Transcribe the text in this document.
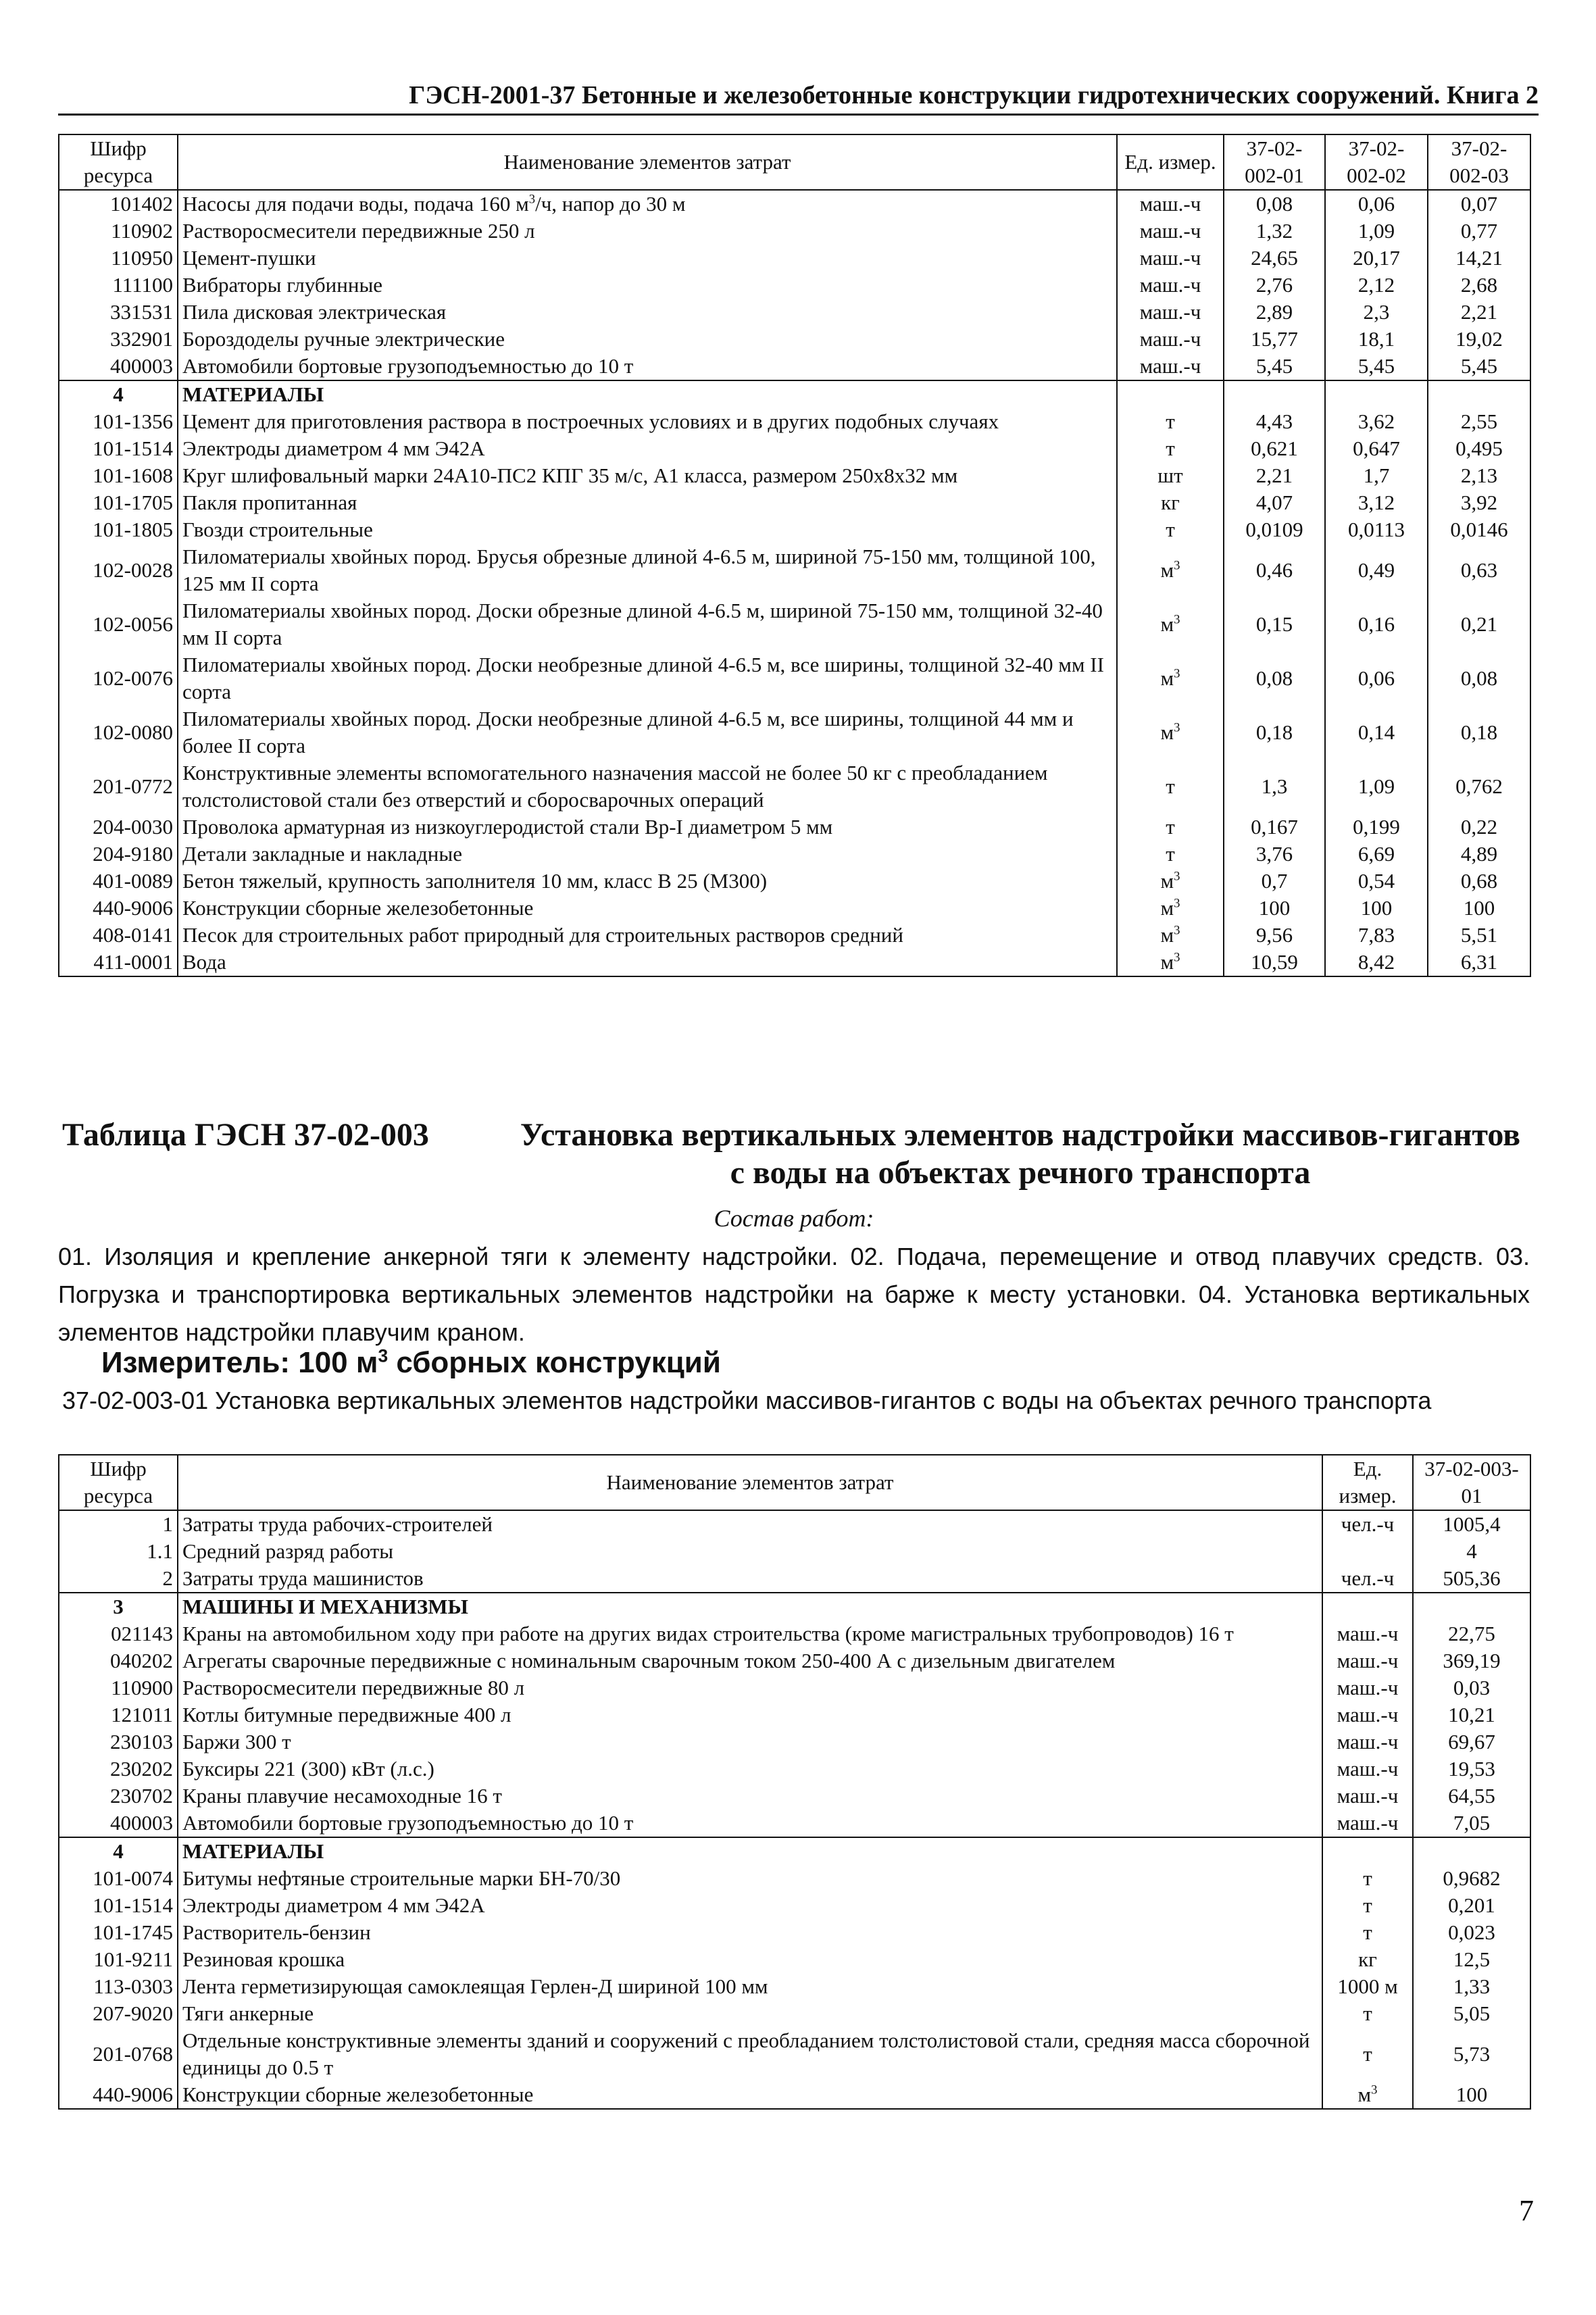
ГЭСН-2001-37 Бетонные и железобетонные конструкции гидротехнических сооружений. Книга 2
Шифр ресурса	Наименование элементов затрат	Ед. измер.	37-02-002-01	37-02-002-02	37-02-002-03
101402	Насосы для подачи воды, подача 160 $м^3/ч$, напор до 30 м	маш.-ч	0,08	0,06	0,07
110902	Растворосмесители передвижные 250 л	маш.-ч	1,32	1,09	0,77
110950	Цемент-пушки	маш.-ч	24,65	20,17	14,21
111100	Вибраторы глубинные	маш.-ч	2,76	2,12	2,68
331531	Пила дисковая электрическая	маш.-ч	2,89	2,3	2,21
332901	Бороздоделы ручные электрические	маш.-ч	15,77	18,1	19,02
400003	Автомобили бортовые грузоподъемностью до 10 т	маш.-ч	5,45	5,45	5,45
4	МАТЕРИАЛЫ				
101-1356	Цемент для приготовления раствора в построечных условиях и в других подобных случаях	т	4,43	3,62	2,55
101-1514	Электроды диаметром 4 мм Э42А	т	0,621	0,647	0,495
101-1608	Круг шлифовальный марки 24А10-ПС2 КПГ 35 м/с, А1 класса, размером 250х8х32 мм	шт	2,21	1,7	2,13
101-1705	Пакля пропитанная	кг	4,07	3,12	3,92
101-1805	Гвозди строительные	т	0,0109	0,0113	0,0146
102-0028	Пиломатериалы хвойных пород. Брусья обрезные длиной 4-6.5 м, шириной 75-150 мм, толщиной 100, 125 мм II сорта	$м^3$	0,46	0,49	0,63
102-0056	Пиломатериалы хвойных пород. Доски обрезные длиной 4-6.5 м, шириной 75-150 мм, толщиной 32-40 мм II сорта	$м^3$	0,15	0,16	0,21
102-0076	Пиломатериалы хвойных пород. Доски необрезные длиной 4-6.5 м, все ширины, толщиной 32-40 мм II сорта	$м^3$	0,08	0,06	0,08
102-0080	Пиломатериалы хвойных пород. Доски необрезные длиной 4-6.5 м, все ширины, толщиной 44 мм и более II сорта	$м^3$	0,18	0,14	0,18
201-0772	Конструктивные элементы вспомогательного назначения массой не более 50 кг с преобладанием толстолистовой стали без отверстий и сборосварочных операций	т	1,3	1,09	0,762
204-0030	Проволока арматурная из низкоуглеродистой стали Вр-I диаметром 5 мм	т	0,167	0,199	0,22
204-9180	Детали закладные и накладные	т	3,76	6,69	4,89
401-0089	Бетон тяжелый, крупность заполнителя 10 мм, класс В 25 (М300)	$м^3$	0,7	0,54	0,68
440-9006	Конструкции сборные железобетонные	$м^3$	100	100	100
408-0141	Песок для строительных работ природный для строительных растворов средний	$м^3$	9,56	7,83	5,51
411-0001	Вода	$м^3$	10,59	8,42	6,31
Таблица ГЭСН 37-02-003	Установка вертикальных элементов надстройки массивов-гигантов с воды на объектах речного транспорта
Состав работ:
01. Изоляция и крепление анкерной тяги к элементу надстройки. 02. Подача, перемещение и отвод плавучих средств. 03. Погрузка и транспортировка вертикальных элементов надстройки на барже к месту установки. 04. Установка вертикальных элементов надстройки плавучим краном.
Измеритель: 100 $м^3$ сборных конструкций
37-02-003-01 Установка вертикальных элементов надстройки массивов-гигантов с воды на объектах речного транспорта
Шифр ресурса	Наименование элементов затрат	Ед. измер.	37-02-003-01
1	Затраты труда рабочих-строителей	чел.-ч	1005,4
1.1	Средний разряд работы		4
2	Затраты труда машинистов	чел.-ч	505,36
3	МАШИНЫ И МЕХАНИЗМЫ		
021143	Краны на автомобильном ходу при работе на других видах строительства (кроме магистральных трубопроводов) 16 т	маш.-ч	22,75
040202	Агрегаты сварочные передвижные с номинальным сварочным током 250-400 А с дизельным двигателем	маш.-ч	369,19
110900	Растворосмесители передвижные 80 л	маш.-ч	0,03
121011	Котлы битумные передвижные 400 л	маш.-ч	10,21
230103	Баржи 300 т	маш.-ч	69,67
230202	Буксиры 221 (300) кВт (л.с.)	маш.-ч	19,53
230702	Краны плавучие несамоходные 16 т	маш.-ч	64,55
400003	Автомобили бортовые грузоподъемностью до 10 т	маш.-ч	7,05
4	МАТЕРИАЛЫ		
101-0074	Битумы нефтяные строительные марки БН-70/30	т	0,9682
101-1514	Электроды диаметром 4 мм Э42А	т	0,201
101-1745	Растворитель-бензин	т	0,023
101-9211	Резиновая крошка	кг	12,5
113-0303	Лента герметизирующая самоклеящая Герлен-Д шириной 100 мм	1000 м	1,33
207-9020	Тяги анкерные	т	5,05
201-0768	Отдельные конструктивные элементы зданий и сооружений с преобладанием толстолистовой стали, средняя масса сборочной единицы до 0.5 т	т	5,73
440-9006	Конструкции сборные железобетонные	$м^3$	100
7
